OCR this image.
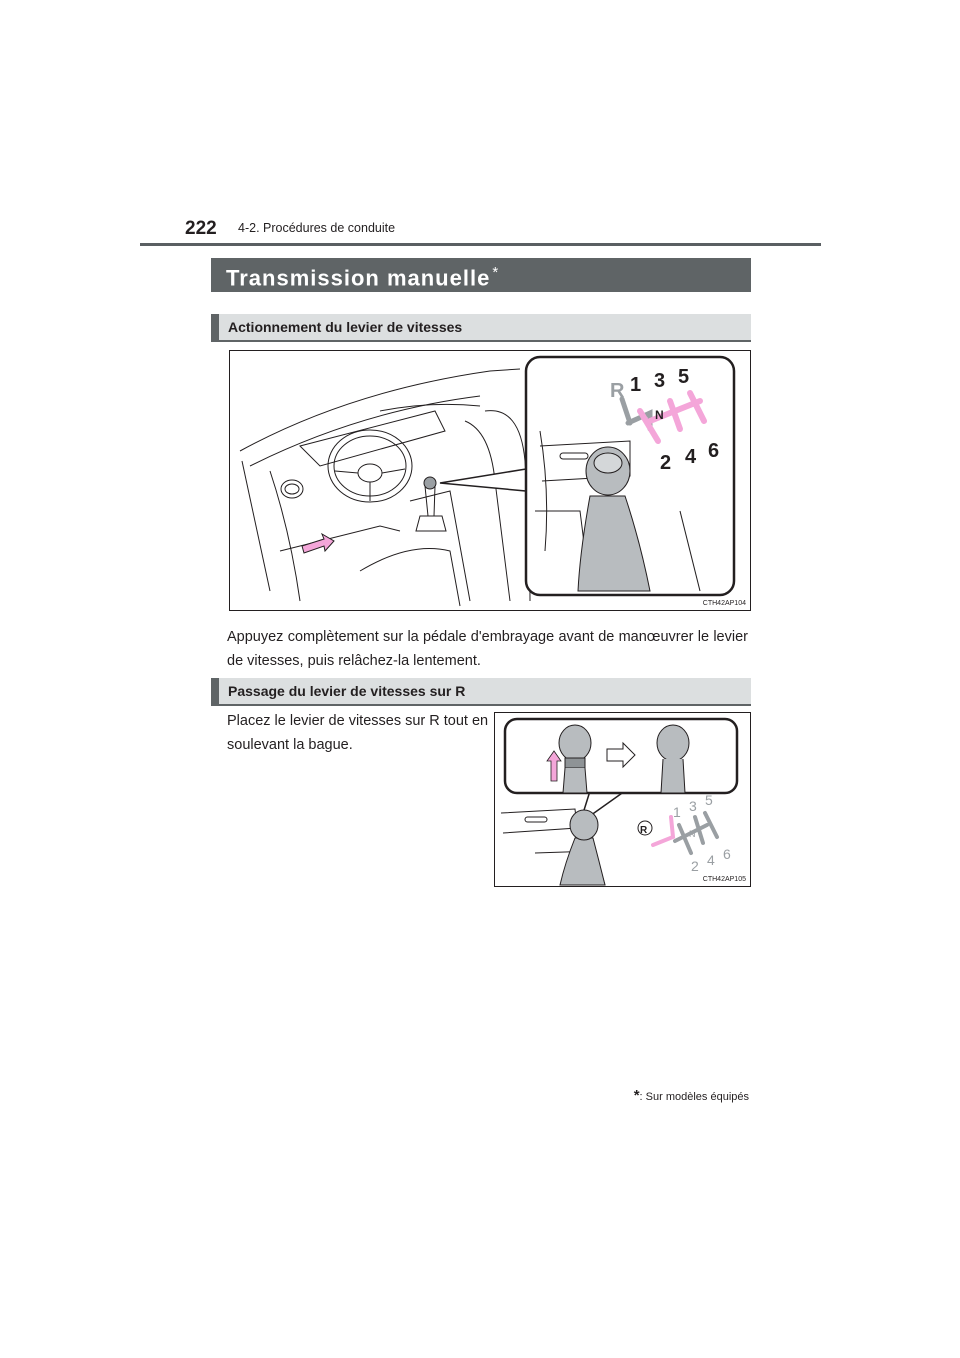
222 4-2. Procédures de conduite
Transmission manuelle *
Actionnement du levier de vitesses
R 1 3 5
N
2 4 6
CTH42AP104
Appuyez complètement sur la pédale d'embrayage avant de manœuvrer le levier de vitesses, puis relâchez-la lentement.
Passage du levier de vitesses sur R
Placez le levier de vitesses sur R tout en soulevant la bague.
R
1 3 5
N
2 4 6
CTH42AP105
*: Sur modèles équipés
